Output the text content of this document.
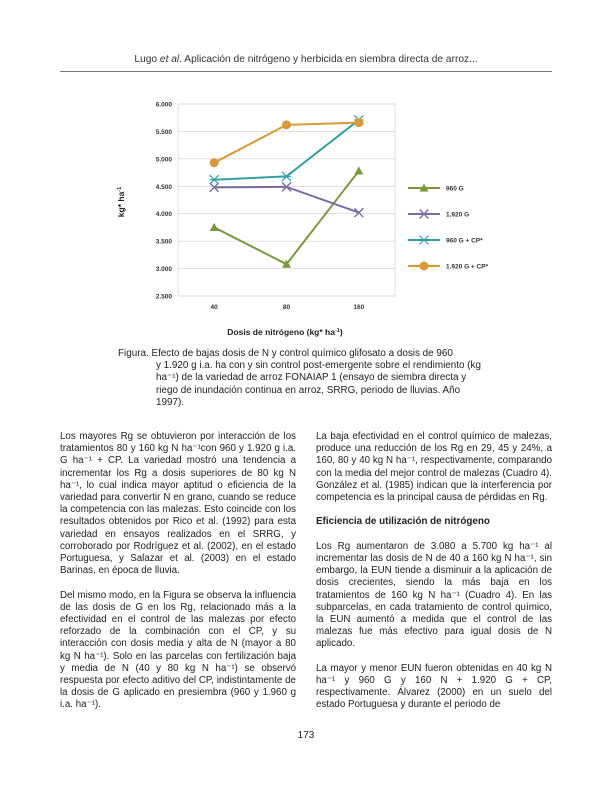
Lugo et al. Aplicación de nitrógeno y herbicida en siembra directa de arroz...
6.000
5.500
5.000
4.500
4.000
3.500
3.000
2.500
40	80	160
960 G
1.920 G
960 G + CP*
1.920 G + CP*
kg* $ha^{-1}$
Dosis de nitrógeno (kg* $ha^{-1}$)
Figura. Efecto de bajas dosis de N y control químico glifosato a dosis de 960
y 1.920 g i.a. ha con y sin control post-emergente sobre el rendimiento (kg ha⁻¹) de la variedad de arroz FONAIAP 1 (ensayo de siembra directa y riego de inundación continua en arroz, SRRG, periodo de lluvias. Año 1997).

Los mayores Rg se obtuvieron por interacción de los tratamientos 80 y 160 kg N ha⁻¹con 960 y 1.920 g i.a. G ha⁻¹ + CP. La variedad mostró una tendencia a incrementar los Rg a dosis superiores de 80 kg N ha⁻¹, lo cual indica mayor aptitud o eficiencia de la variedad para convertir N en grano, cuando se reduce la competencia con las malezas. Esto coincide con los resultados obtenidos por Rico et al. (1992) para esta variedad en ensayos realizados en el SRRG, y corroborado por Rodríguez et al. (2002), en el estado Portuguesa, y Salazar et al. (2003) en el estado Barinas, en época de lluvia.

Del mismo modo, en la Figura se observa la influencia de las dosis de G en los Rg, relacionado más a la efectividad en el control de las malezas por efecto reforzado de la combinación con el CP, y su interacción con dosis media y alta de N (mayor a 80 kg N ha⁻¹). Solo en las parcelas con fertilización baja y media de N (40 y 80 kg N ha⁻¹) se observó respuesta por efecto aditivo del CP, indistintamente de la dosis de G aplicado en presiembra (960 y 1.960 g i.a. ha⁻¹).

La baja efectividad en el control químico de malezas, produce una reducción de los Rg en 29, 45 y 24%, a 160, 80 y 40 kg N ha⁻¹, respectivamente, comparando con la media del mejor control de malezas (Cuadro 4). González et al. (1985) indican que la interferencia por competencia es la principal causa de pérdidas en Rg.

Eficiencia de utilización de nitrógeno

Los Rg aumentaron de 3.080 a 5.700 kg ha⁻¹ al incrementar las dosis de N de 40 a 160 kg N ha⁻¹, sin embargo, la EUN tiende a disminuir a la aplicación de dosis crecientes, siendo la más baja en los tratamientos de 160 kg N ha⁻¹ (Cuadro 4). En las subparcelas, en cada tratamiento de control químico, la EUN aumentó a medida que el control de las malezas fue más efectivo para igual dosis de N aplicado.

La mayor y menor EUN fueron obtenidas en 40 kg N ha⁻¹ y 960 G y 160 N + 1.920 G + CP, respectivamente. Álvarez (2000) en un suelo del estado Portuguesa y durante el periodo de

173
